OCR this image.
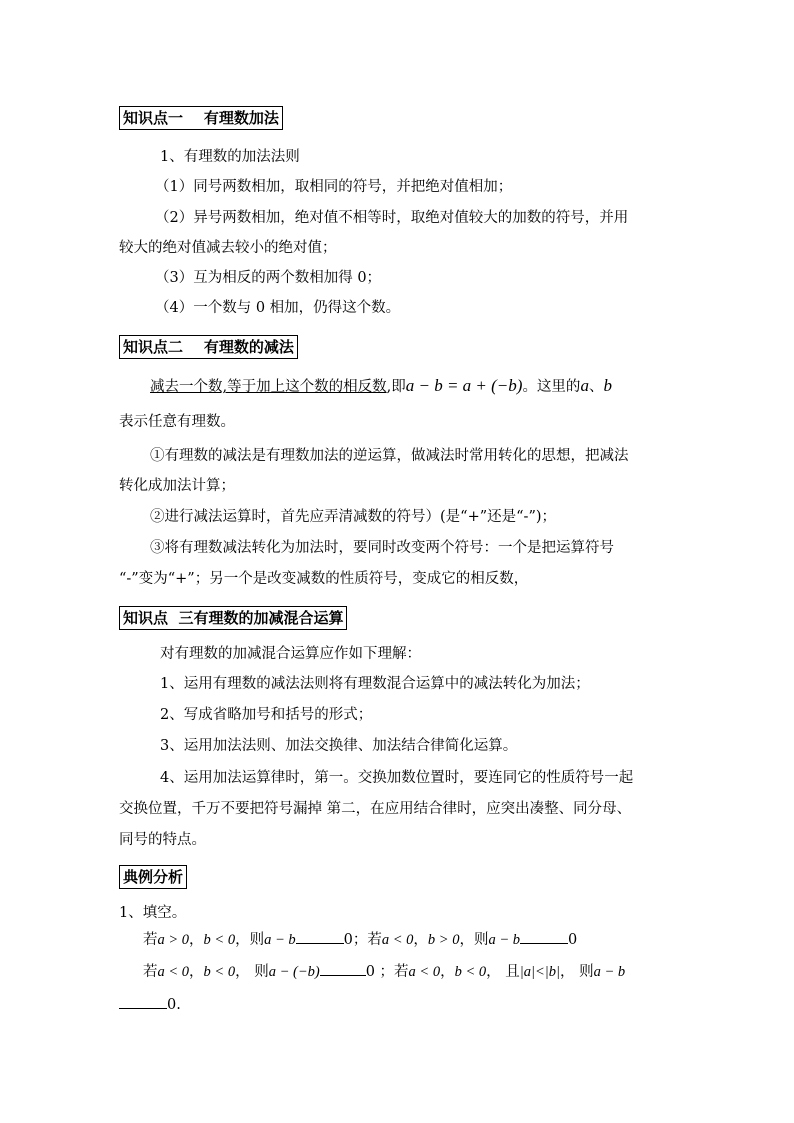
知识点一    有理数加法
1、有理数的加法法则
（1）同号两数相加，取相同的符号，并把绝对值相加；
（2）异号两数相加，绝对值不相等时，取绝对值较大的加数的符号，并用
较大的绝对值减去较小的绝对值；
（3）互为相反的两个数相加得 0；
（4）一个数与 0 相加，仍得这个数。
知识点二    有理数的减法
减去一个数,等于加上这个数的相反数,即a − b = a + (−b)。这里的a、b
表示任意有理数。
①有理数的减法是有理数加法的逆运算，做减法时常用转化的思想，把减法
转化成加法计算；
②进行减法运算时，首先应弄清减数的符号）(是“+”还是“-”)；
③将有理数减法转化为加法时，要同时改变两个符号：一个是把运算符号
“-”变为“+”；另一个是改变减数的性质符号，变成它的相反数，
知识点  三有理数的加减混合运算
对有理数的加减混合运算应作如下理解：
1、运用有理数的减法法则将有理数混合运算中的减法转化为加法；
2、写成省略加号和括号的形式；
3、运用加法法则、加法交换律、加法结合律简化运算。
4、运用加法运算律时，第一。交换加数位置时，要连同它的性质符号一起
交换位置，千万不要把符号漏掉 第二，在应用结合律时，应突出凑整、同分母、
同号的特点。
典例分析
1、填空。
若a > 0，b < 0，则a − b	0；若a < 0，b > 0，则a − b	0
若a < 0，b < 0， 则a − (−b)	0 ；若a < 0，b < 0， 且|a|<|b|， 则a − b
0.
